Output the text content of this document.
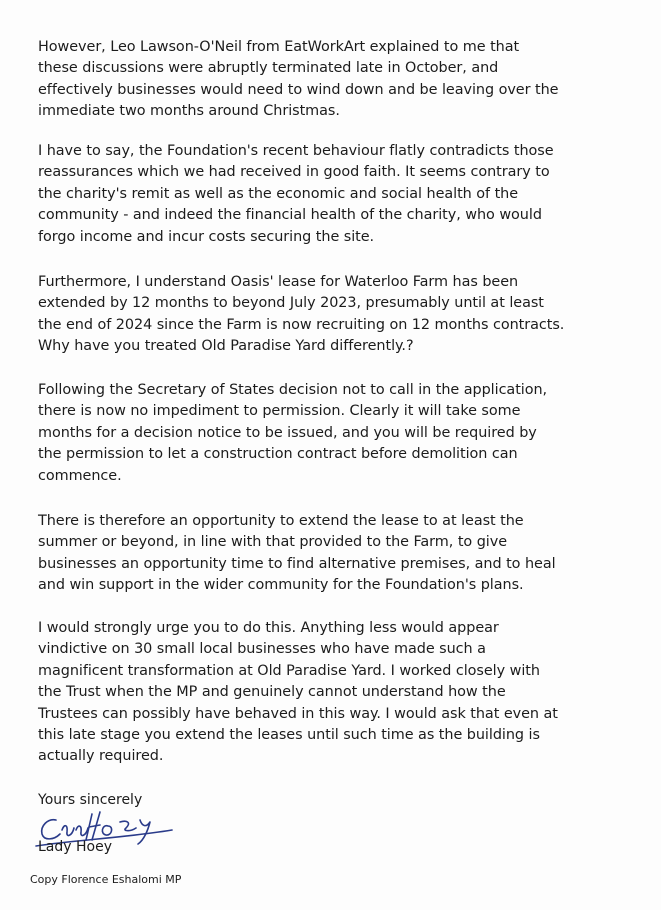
However, Leo Lawson-O'Neil from EatWorkArt explained to me that
these discussions were abruptly terminated late in October, and
effectively businesses would need to wind down and be leaving over the
immediate two months around Christmas.
I have to say, the Foundation's recent behaviour flatly contradicts those
reassurances which we had received in good faith. It seems contrary to
the charity's remit as well as the economic and social health of the
community - and indeed the financial health of the charity, who would
forgo income and incur costs securing the site.
Furthermore, I understand Oasis' lease for Waterloo Farm has been
extended by 12 months to beyond July 2023, presumably until at least
the end of 2024 since the Farm is now recruiting on 12 months contracts.
Why have you treated Old Paradise Yard differently.?
Following the Secretary of States decision not to call in the application,
there is now no impediment to permission. Clearly it will take some
months for a decision notice to be issued, and you will be required by
the permission to let a construction contract before demolition can
commence.
There is therefore an opportunity to extend the lease to at least the
summer or beyond, in line with that provided to the Farm, to give
businesses an opportunity time to find alternative premises, and to heal
and win support in the wider community for the Foundation's plans.
I would strongly urge you to do this. Anything less would appear
vindictive on 30 small local businesses who have made such a
magnificent transformation at Old Paradise Yard. I worked closely with
the Trust when the MP and genuinely cannot understand how the
Trustees can possibly have behaved in this way. I would ask that even at
this late stage you extend the leases until such time as the building is
actually required.
Yours sincerely
Lady Hoey
Copy Florence Eshalomi MP
